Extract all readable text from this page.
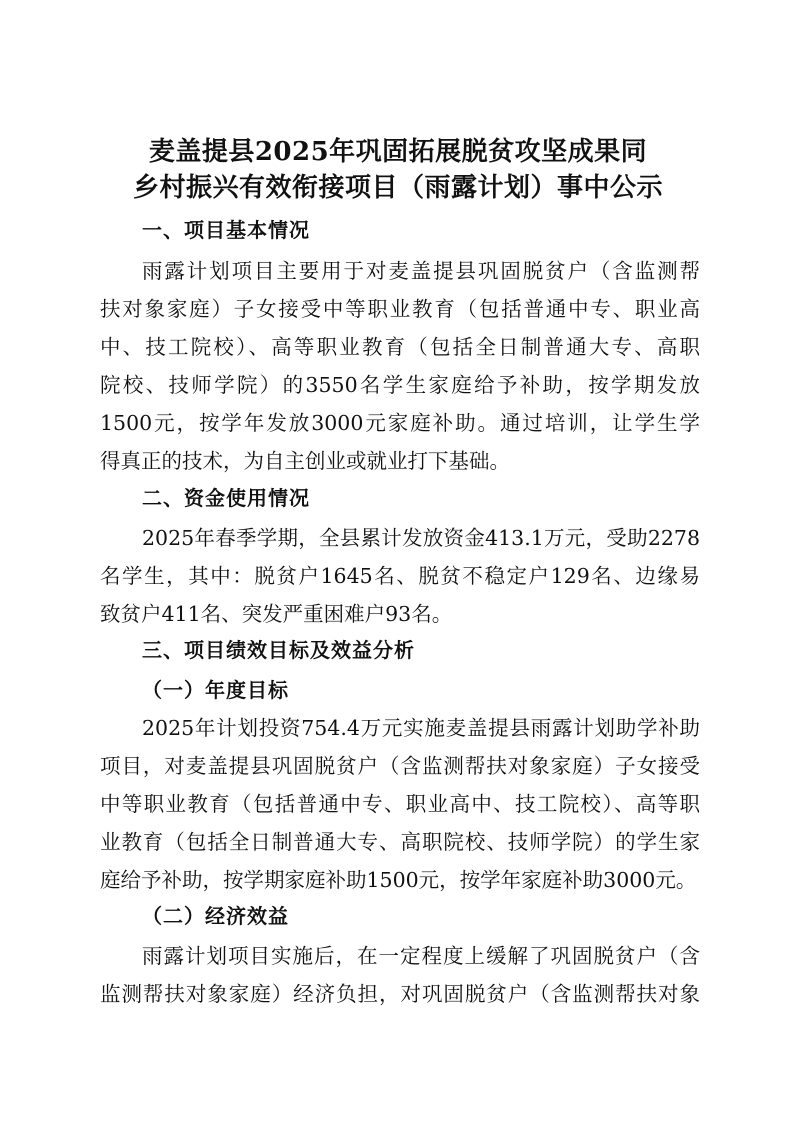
麦盖提县2025年巩固拓展脱贫攻坚成果同
乡村振兴有效衔接项目（雨露计划）事中公示
一、项目基本情况
雨露计划项目主要用于对麦盖提县巩固脱贫户（含监测帮
扶对象家庭）子女接受中等职业教育（包括普通中专、职业高
中、技工院校）、高等职业教育（包括全日制普通大专、高职
院校、技师学院）的3550名学生家庭给予补助，按学期发放
1500元，按学年发放3000元家庭补助。通过培训，让学生学
得真正的技术，为自主创业或就业打下基础。
二、资金使用情况
2025年春季学期，全县累计发放资金413.1万元，受助2278
名学生，其中：脱贫户1645名、脱贫不稳定户129名、边缘易
致贫户411名、突发严重困难户93名。
三、项目绩效目标及效益分析
（一）年度目标
2025年计划投资754.4万元实施麦盖提县雨露计划助学补助
项目，对麦盖提县巩固脱贫户（含监测帮扶对象家庭）子女接受
中等职业教育（包括普通中专、职业高中、技工院校）、高等职
业教育（包括全日制普通大专、高职院校、技师学院）的学生家
庭给予补助，按学期家庭补助1500元，按学年家庭补助3000元。
（二）经济效益
雨露计划项目实施后，在一定程度上缓解了巩固脱贫户（含
监测帮扶对象家庭）经济负担，对巩固脱贫户（含监测帮扶对象
